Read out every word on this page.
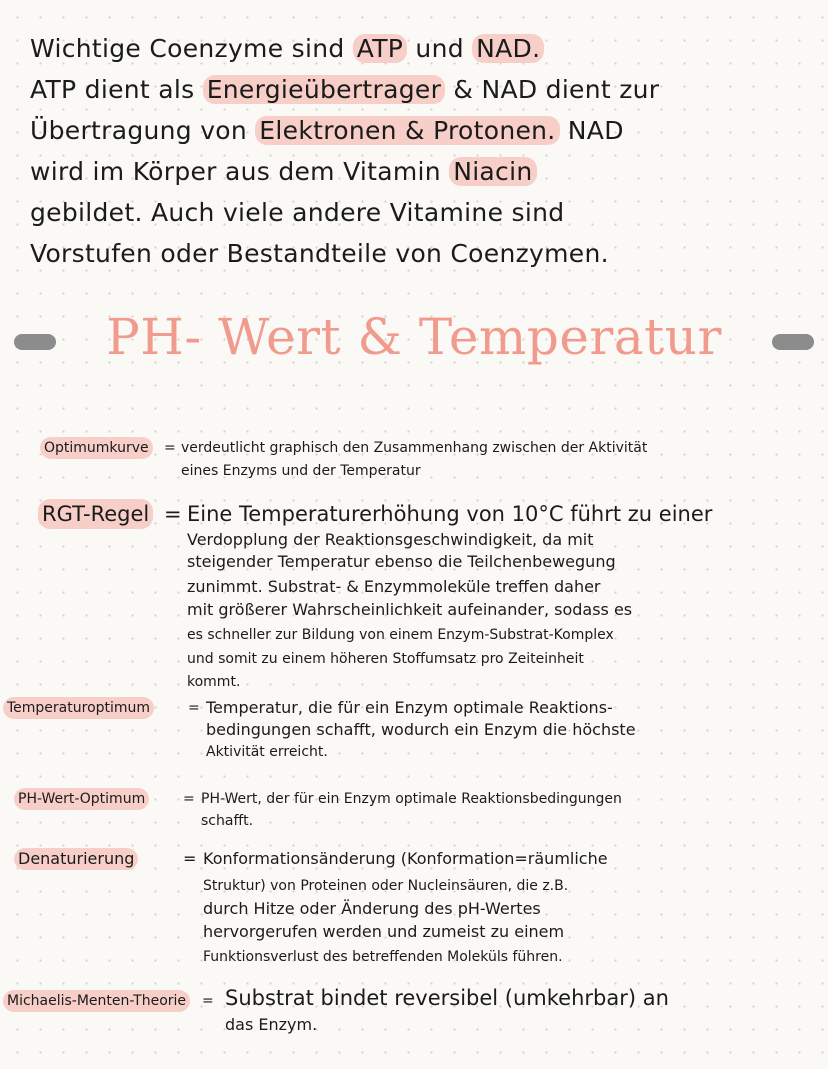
Wichtige Coenzyme sind ATP und NAD.
ATP dient als Energieübertrager & NAD dient zur
Übertragung von Elektronen & Protonen. NAD
wird im Körper aus dem Vitamin Niacin
gebildet. Auch viele andere Vitamine sind
Vorstufen oder Bestandteile von Coenzymen.
PH- Wert & Temperatur
Optimumkurve = verdeutlicht graphisch den Zusammenhang zwischen der Aktivität
eines Enzyms und der Temperatur
RGT-Regel = Eine Temperaturerhöhung von 10°C führt zu einer
Verdopplung der Reaktionsgeschwindigkeit, da mit
steigender Temperatur ebenso die Teilchenbewegung
zunimmt. Substrat- & Enzymmoleküle treffen daher
mit größerer Wahrscheinlichkeit aufeinander, sodass es
es schneller zur Bildung von einem Enzym-Substrat-Komplex
und somit zu einem höheren Stoffumsatz pro Zeiteinheit
kommt.
Temperaturoptimum	= Temperatur, die für ein Enzym optimale Reaktions-
bedingungen schafft, wodurch ein Enzym die höchste
Aktivität erreicht.
PH-Wert-Optimum	= PH-Wert, der für ein Enzym optimale Reaktionsbedingungen
schafft.
Denaturierung	= Konformationsänderung (Konformation=räumliche
Struktur) von Proteinen oder Nucleinsäuren, die z.B.
durch Hitze oder Änderung des pH-Wertes
hervorgerufen werden und zumeist zu einem
Funktionsverlust des betreffenden Moleküls führen.
Michaelis-Menten-Theorie = Substrat bindet reversibel (umkehrbar) an
das Enzym.
